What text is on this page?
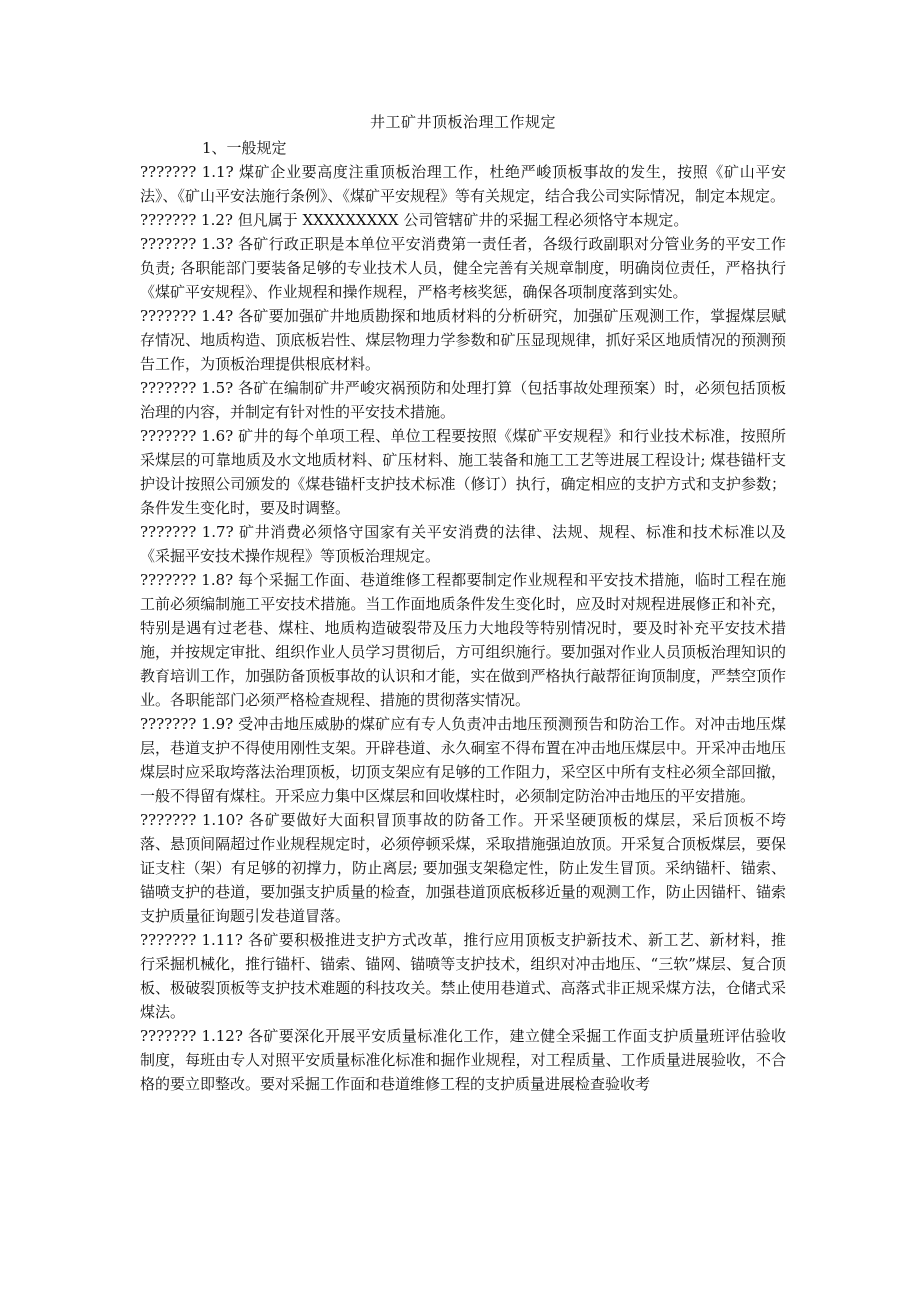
井工矿井顶板治理工作规定
1、一般规定

??????? 1.1? 煤矿企业要高度注重顶板治理工作，杜绝严峻顶板事故的发生，按照《矿山平安法》、《矿山平安法施行条例》、《煤矿平安规程》等有关规定，结合我公司实际情况，制定本规定。

??????? 1.2? 但凡属于 XXXXXXXXX 公司管辖矿井的采掘工程必须恪守本规定。

??????? 1.3? 各矿行政正职是本单位平安消费第一责任者，各级行政副职对分管业务的平安工作负责; 各职能部门要装备足够的专业技术人员，健全完善有关规章制度，明确岗位责任，严格执行《煤矿平安规程》、作业规程和操作规程，严格考核奖惩，确保各项制度落到实处。

??????? 1.4? 各矿要加强矿井地质勘探和地质材料的分析研究，加强矿压观测工作，掌握煤层赋存情况、地质构造、顶底板岩性、煤层物理力学参数和矿压显现规律，抓好采区地质情况的预测预告工作，为顶板治理提供根底材料。

??????? 1.5? 各矿在编制矿井严峻灾祸预防和处理打算（包括事故处理预案）时，必须包括顶板治理的内容，并制定有针对性的平安技术措施。

??????? 1.6? 矿井的每个单项工程、单位工程要按照《煤矿平安规程》和行业技术标准，按照所采煤层的可靠地质及水文地质材料、矿压材料、施工装备和施工工艺等进展工程设计; 煤巷锚杆支护设计按照公司颁发的《煤巷锚杆支护技术标准（修订）执行，确定相应的支护方式和支护参数；条件发生变化时，要及时调整。

??????? 1.7? 矿井消费必须恪守国家有关平安消费的法律、法规、规程、标准和技术标准以及《采掘平安技术操作规程》等顶板治理规定。

??????? 1.8? 每个采掘工作面、巷道维修工程都要制定作业规程和平安技术措施，临时工程在施工前必须编制施工平安技术措施。当工作面地质条件发生变化时，应及时对规程进展修正和补充，特别是遇有过老巷、煤柱、地质构造破裂带及压力大地段等特别情况时，要及时补充平安技术措施，并按规定审批、组织作业人员学习贯彻后，方可组织施行。要加强对作业人员顶板治理知识的教育培训工作，加强防备顶板事故的认识和才能，实在做到严格执行敲帮征询顶制度，严禁空顶作业。各职能部门必须严格检查规程、措施的贯彻落实情况。

??????? 1.9? 受冲击地压威胁的煤矿应有专人负责冲击地压预测预告和防治工作。对冲击地压煤层，巷道支护不得使用刚性支架。开辟巷道、永久硐室不得布置在冲击地压煤层中。开采冲击地压煤层时应采取垮落法治理顶板，切顶支架应有足够的工作阻力，采空区中所有支柱必须全部回撤，一般不得留有煤柱。开采应力集中区煤层和回收煤柱时，必须制定防治冲击地压的平安措施。

??????? 1.10? 各矿要做好大面积冒顶事故的防备工作。开采坚硬顶板的煤层，采后顶板不垮落、悬顶间隔超过作业规程规定时，必须停顿采煤，采取措施强迫放顶。开采复合顶板煤层，要保证支柱（架）有足够的初撑力，防止离层; 要加强支架稳定性，防止发生冒顶。采纳锚杆、锚索、锚喷支护的巷道，要加强支护质量的检查，加强巷道顶底板移近量的观测工作，防止因锚杆、锚索支护质量征询题引发巷道冒落。

??????? 1.11? 各矿要积极推进支护方式改革，推行应用顶板支护新技术、新工艺、新材料，推行采掘机械化，推行锚杆、锚索、锚网、锚喷等支护技术，组织对冲击地压、“三软”煤层、复合顶板、极破裂顶板等支护技术难题的科技攻关。禁止使用巷道式、高落式非正规采煤方法，仓储式采煤法。

??????? 1.12? 各矿要深化开展平安质量标准化工作，建立健全采掘工作面支护质量班评估验收制度，每班由专人对照平安质量标准化标准和掘作业规程，对工程质量、工作质量进展验收，不合格的要立即整改。要对采掘工作面和巷道维修工程的支护质量进展检查验收考
